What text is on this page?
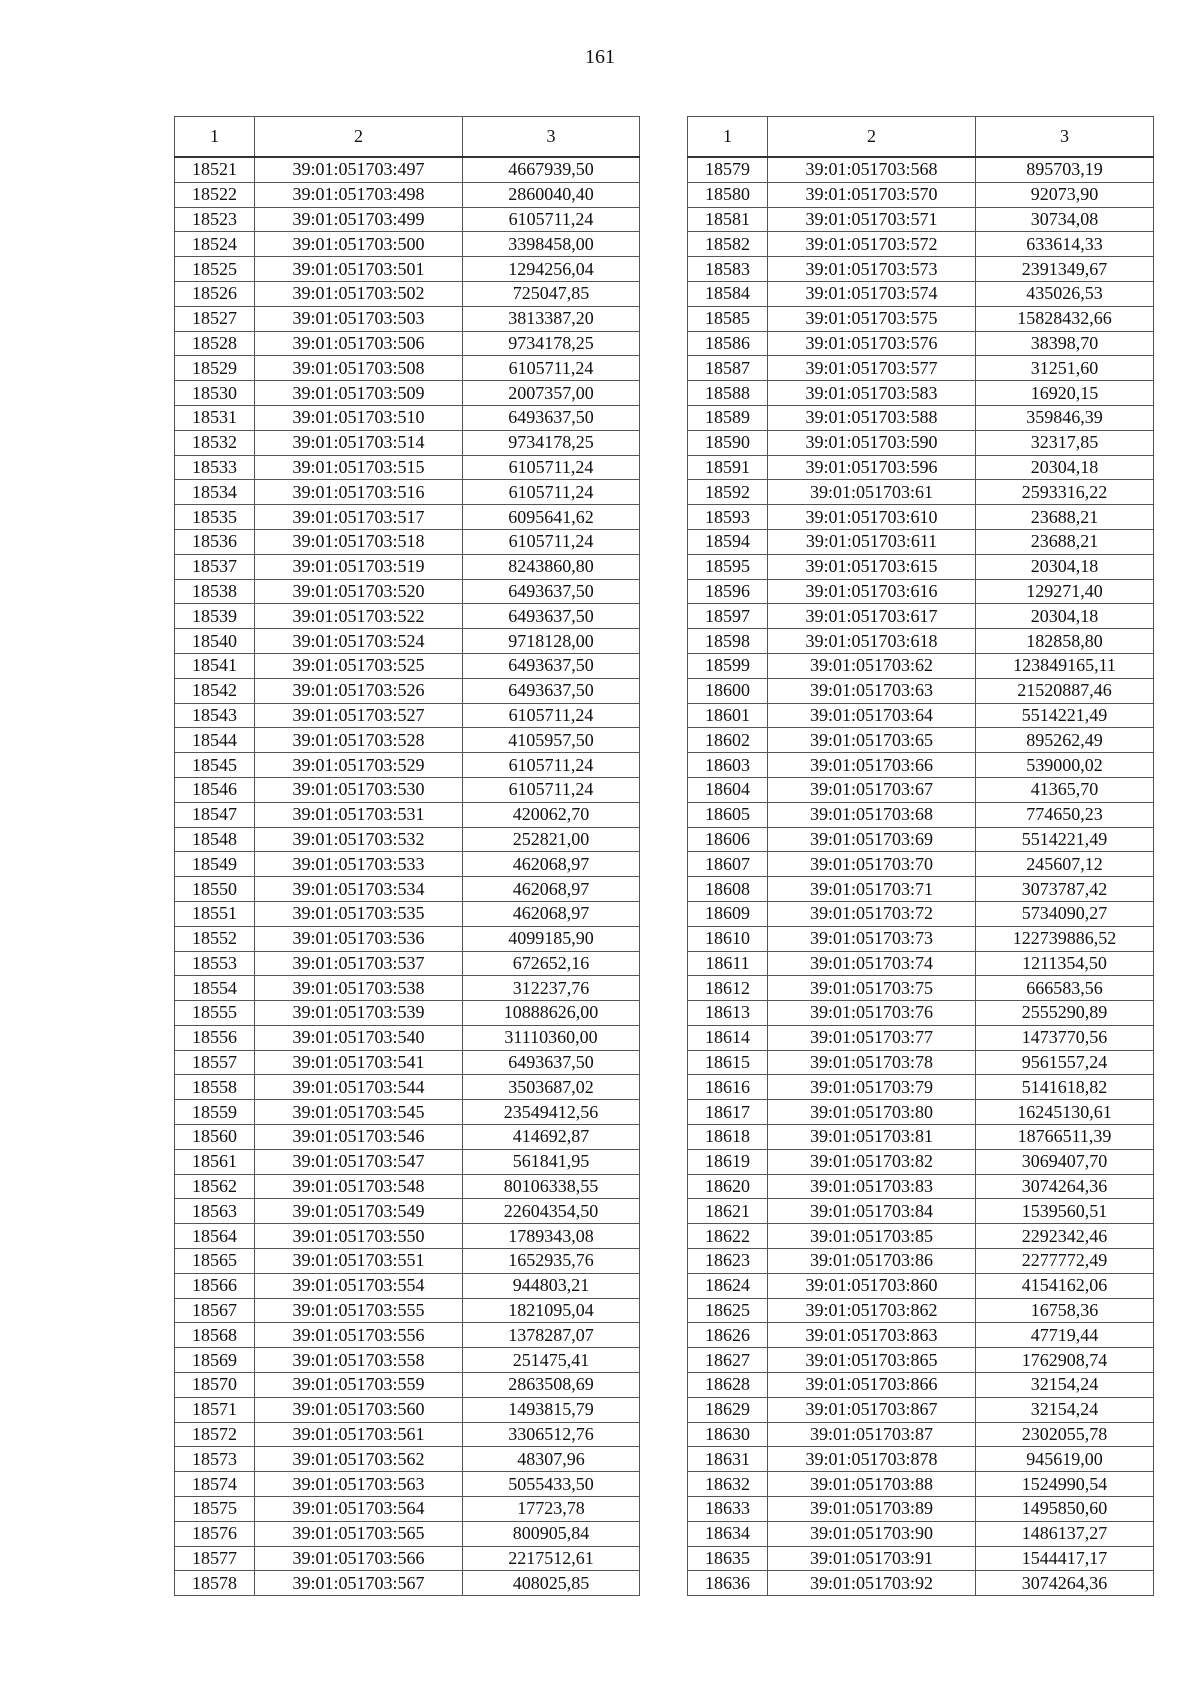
161
1	2	3
18521	39:01:051703:497	4667939,50
18522	39:01:051703:498	2860040,40
18523	39:01:051703:499	6105711,24
18524	39:01:051703:500	3398458,00
18525	39:01:051703:501	1294256,04
18526	39:01:051703:502	725047,85
18527	39:01:051703:503	3813387,20
18528	39:01:051703:506	9734178,25
18529	39:01:051703:508	6105711,24
18530	39:01:051703:509	2007357,00
18531	39:01:051703:510	6493637,50
18532	39:01:051703:514	9734178,25
18533	39:01:051703:515	6105711,24
18534	39:01:051703:516	6105711,24
18535	39:01:051703:517	6095641,62
18536	39:01:051703:518	6105711,24
18537	39:01:051703:519	8243860,80
18538	39:01:051703:520	6493637,50
18539	39:01:051703:522	6493637,50
18540	39:01:051703:524	9718128,00
18541	39:01:051703:525	6493637,50
18542	39:01:051703:526	6493637,50
18543	39:01:051703:527	6105711,24
18544	39:01:051703:528	4105957,50
18545	39:01:051703:529	6105711,24
18546	39:01:051703:530	6105711,24
18547	39:01:051703:531	420062,70
18548	39:01:051703:532	252821,00
18549	39:01:051703:533	462068,97
18550	39:01:051703:534	462068,97
18551	39:01:051703:535	462068,97
18552	39:01:051703:536	4099185,90
18553	39:01:051703:537	672652,16
18554	39:01:051703:538	312237,76
18555	39:01:051703:539	10888626,00
18556	39:01:051703:540	31110360,00
18557	39:01:051703:541	6493637,50
18558	39:01:051703:544	3503687,02
18559	39:01:051703:545	23549412,56
18560	39:01:051703:546	414692,87
18561	39:01:051703:547	561841,95
18562	39:01:051703:548	80106338,55
18563	39:01:051703:549	22604354,50
18564	39:01:051703:550	1789343,08
18565	39:01:051703:551	1652935,76
18566	39:01:051703:554	944803,21
18567	39:01:051703:555	1821095,04
18568	39:01:051703:556	1378287,07
18569	39:01:051703:558	251475,41
18570	39:01:051703:559	2863508,69
18571	39:01:051703:560	1493815,79
18572	39:01:051703:561	3306512,76
18573	39:01:051703:562	48307,96
18574	39:01:051703:563	5055433,50
18575	39:01:051703:564	17723,78
18576	39:01:051703:565	800905,84
18577	39:01:051703:566	2217512,61
18578	39:01:051703:567	408025,85
1	2	3
18579	39:01:051703:568	895703,19
18580	39:01:051703:570	92073,90
18581	39:01:051703:571	30734,08
18582	39:01:051703:572	633614,33
18583	39:01:051703:573	2391349,67
18584	39:01:051703:574	435026,53
18585	39:01:051703:575	15828432,66
18586	39:01:051703:576	38398,70
18587	39:01:051703:577	31251,60
18588	39:01:051703:583	16920,15
18589	39:01:051703:588	359846,39
18590	39:01:051703:590	32317,85
18591	39:01:051703:596	20304,18
18592	39:01:051703:61	2593316,22
18593	39:01:051703:610	23688,21
18594	39:01:051703:611	23688,21
18595	39:01:051703:615	20304,18
18596	39:01:051703:616	129271,40
18597	39:01:051703:617	20304,18
18598	39:01:051703:618	182858,80
18599	39:01:051703:62	123849165,11
18600	39:01:051703:63	21520887,46
18601	39:01:051703:64	5514221,49
18602	39:01:051703:65	895262,49
18603	39:01:051703:66	539000,02
18604	39:01:051703:67	41365,70
18605	39:01:051703:68	774650,23
18606	39:01:051703:69	5514221,49
18607	39:01:051703:70	245607,12
18608	39:01:051703:71	3073787,42
18609	39:01:051703:72	5734090,27
18610	39:01:051703:73	122739886,52
18611	39:01:051703:74	1211354,50
18612	39:01:051703:75	666583,56
18613	39:01:051703:76	2555290,89
18614	39:01:051703:77	1473770,56
18615	39:01:051703:78	9561557,24
18616	39:01:051703:79	5141618,82
18617	39:01:051703:80	16245130,61
18618	39:01:051703:81	18766511,39
18619	39:01:051703:82	3069407,70
18620	39:01:051703:83	3074264,36
18621	39:01:051703:84	1539560,51
18622	39:01:051703:85	2292342,46
18623	39:01:051703:86	2277772,49
18624	39:01:051703:860	4154162,06
18625	39:01:051703:862	16758,36
18626	39:01:051703:863	47719,44
18627	39:01:051703:865	1762908,74
18628	39:01:051703:866	32154,24
18629	39:01:051703:867	32154,24
18630	39:01:051703:87	2302055,78
18631	39:01:051703:878	945619,00
18632	39:01:051703:88	1524990,54
18633	39:01:051703:89	1495850,60
18634	39:01:051703:90	1486137,27
18635	39:01:051703:91	1544417,17
18636	39:01:051703:92	3074264,36
